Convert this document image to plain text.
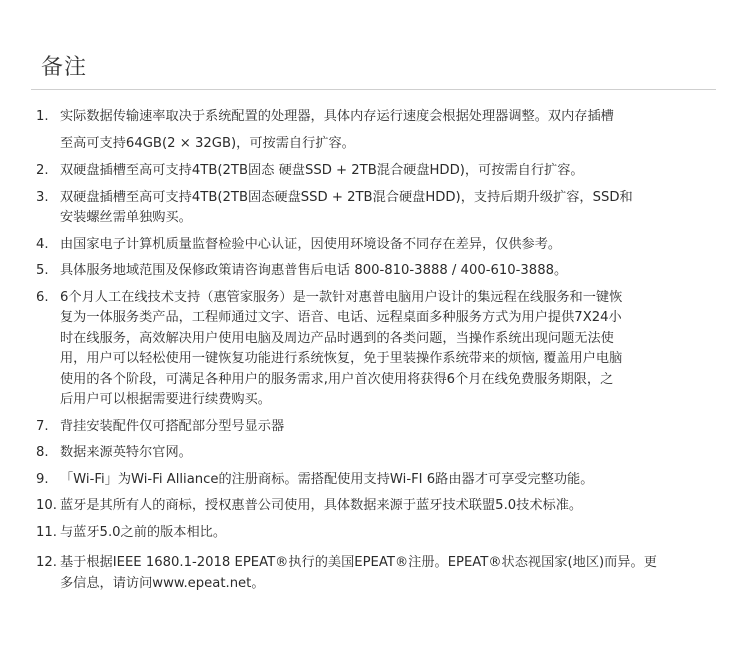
备注
1. 实际数据传输速率取决于系统配置的处理器，具体内存运行速度会根据处理器调整。双内存插槽
至高可支持64GB(2 × 32GB)，可按需自行扩容。
2. 双硬盘插槽至高可支持4TB(2TB固态 硬盘SSD + 2TB混合硬盘HDD)，可按需自行扩容。
3. 双硬盘插槽至高可支持4TB(2TB固态硬盘SSD + 2TB混合硬盘HDD)，支持后期升级扩容，SSD和
安装螺丝需单独购买。
4. 由国家电子计算机质量监督检验中心认证，因使用环境设备不同存在差异，仅供参考。
5. 具体服务地域范围及保修政策请咨询惠普售后电话 800-810-3888 / 400-610-3888。
6. 6个月人工在线技术支持（惠管家服务）是一款针对惠普电脑用户设计的集远程在线服务和一键恢
复为一体服务类产品，工程师通过文字、语音、电话、远程桌面多种服务方式为用户提供7X24小
时在线服务，高效解决用户使用电脑及周边产品时遇到的各类问题，当操作系统出现问题无法使
用，用户可以轻松使用一键恢复功能进行系统恢复，免于里装操作系统带来的烦恼, 覆盖用户电脑
使用的各个阶段，可满足各种用户的服务需求,用户首次使用将获得6个月在线免费服务期限，之
后用户可以根据需要进行续费购买。
7. 背挂安装配件仅可搭配部分型号显示器
8. 数据来源英特尔官网。
9. 「Wi-Fi」为Wi-Fi Alliance的注册商标。需搭配使用支持Wi-FI 6路由器才可享受完整功能。
10. 蓝牙是其所有人的商标，授权惠普公司使用，具体数据来源于蓝牙技术联盟5.0技术标准。
11. 与蓝牙5.0之前的版本相比。
12. 基于根据IEEE 1680.1-2018 EPEAT®执行的美国EPEAT®注册。EPEAT®状态视国家(地区)而异。更
多信息，请访问www.epeat.net。
